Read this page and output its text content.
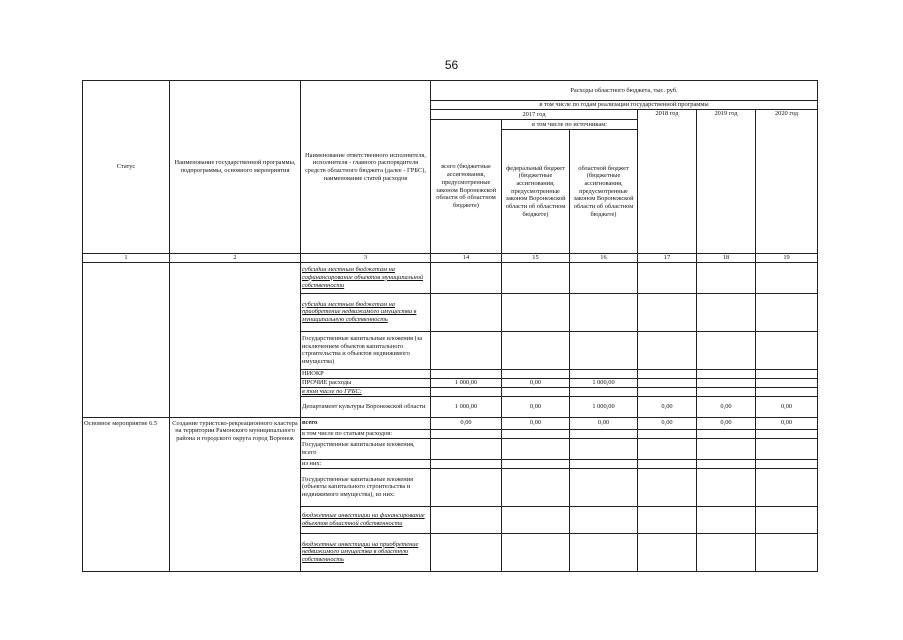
56
Статус	Наименование государственной программы, подпрограммы, основного мероприятия	Наименование ответственного исполнителя, исполнителя - главного распорядителя средств областного бюджета (далее - ГРБС), наименование статей расходов	Расходы областного бюджета, тыс. руб.					
			в том числе по годам реализации государственной программы					
			2017 год			2018 год	2019 год	2020 год
			всего (бюджетные ассигнования, предусмотренные законом Воронежской области об областном бюджете)	в том числе по источникам:				
				федеральный бюджет (бюджетные ассигнования, предусмотренные законом Воронежской области об областном бюджете)	областной бюджет (бюджетные ассигнования, предусмотренные законом Воронежской области об областном бюджете)			
1	2	3	14	15	16	17	18	19
		субсидии местным бюджетам на софинансирование объектов муниципальной собственности						
		субсидии местным бюджетам на приобретение недвижимого имущества в муниципальную собственность						
		Государственные капитальные вложения (за исключением объектов капитального строительства и объектов недвижимого имущества)						
		НИОКР						
		ПРОЧИЕ расходы	1 000,00	0,00	1 000,00			
		в том числе по ГРБС:						
		Департамент культуры Воронежской области	1 000,00	0,00	1 000,00	0,00	0,00	0,00
Основное мероприятие 6.5	Создание туристско-рекреационного кластера на территории Рамонского муниципального района и городского округа город Воронеж	всего	0,00	0,00	0,00	0,00	0,00	0,00
		в том числе по статьям расходов:						
		Государственные капитальные вложения, всего						
		из них:						
		Государственные капитальные вложения (объекты капитального строительства и недвижимого имущества), из них:						
		бюджетные инвестиции на финансирование объектов областной собственности						
		бюджетные инвестиции на приобретение недвижимого имущества в областную собственность						
